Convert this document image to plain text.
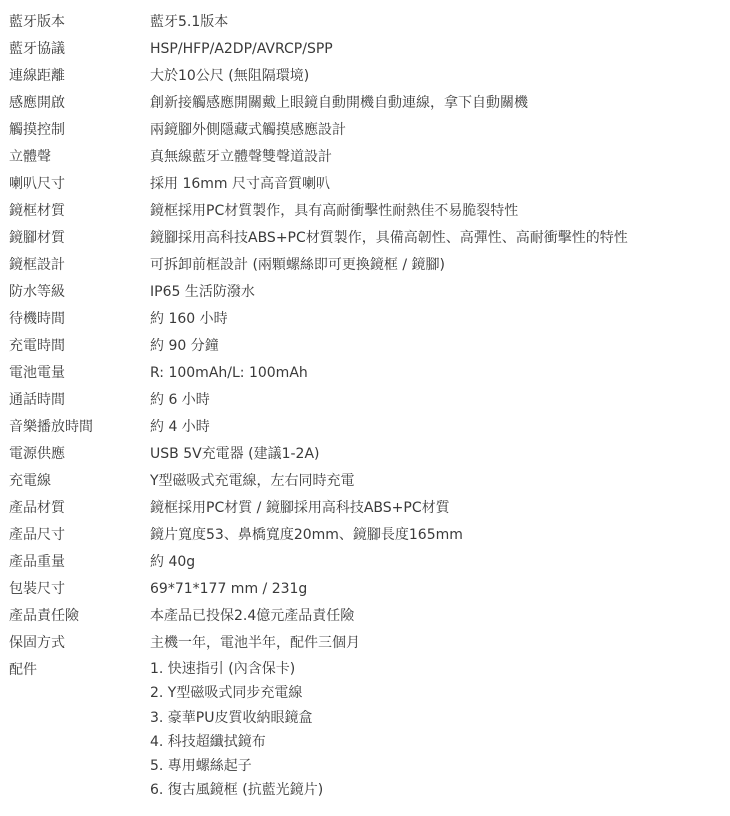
藍牙版本	藍牙5.1版本
藍牙協議	HSP/HFP/A2DP/AVRCP/SPP
連線距離	大於10公尺 (無阻隔環境)
感應開啟	創新接觸感應開關戴上眼鏡自動開機自動連線，拿下自動關機
觸摸控制	兩鏡腳外側隱藏式觸摸感應設計
立體聲	真無線藍牙立體聲雙聲道設計
喇叭尺寸	採用 16mm 尺寸高音質喇叭
鏡框材質	鏡框採用PC材質製作，具有高耐衝擊性耐熱佳不易脆裂特性
鏡腳材質	鏡腳採用高科技ABS+PC材質製作，具備高韌性、高彈性、高耐衝擊性的特性
鏡框設計	可拆卸前框設計 (兩顆螺絲即可更換鏡框 / 鏡腳)
防水等級	IP65 生活防潑水
待機時間	約 160 小時
充電時間	約 90 分鐘
電池電量	R: 100mAh/L: 100mAh
通話時間	約 6 小時
音樂播放時間	約 4 小時
電源供應	USB 5V充電器 (建議1-2A)
充電線	Y型磁吸式充電線，左右同時充電
產品材質	鏡框採用PC材質 / 鏡腳採用高科技ABS+PC材質
產品尺寸	鏡片寬度53、鼻橋寬度20mm、鏡腳長度165mm
產品重量	約 40g
包裝尺寸	69*71*177 mm / 231g
產品責任險	本產品已投保2.4億元產品責任險
保固方式	主機一年，電池半年，配件三個月
配件	1. 快速指引 (內含保卡)
2. Y型磁吸式同步充電線
3. 豪華PU皮質收納眼鏡盒
4. 科技超纖拭鏡布
5. 專用螺絲起子
6. 復古風鏡框 (抗藍光鏡片)
